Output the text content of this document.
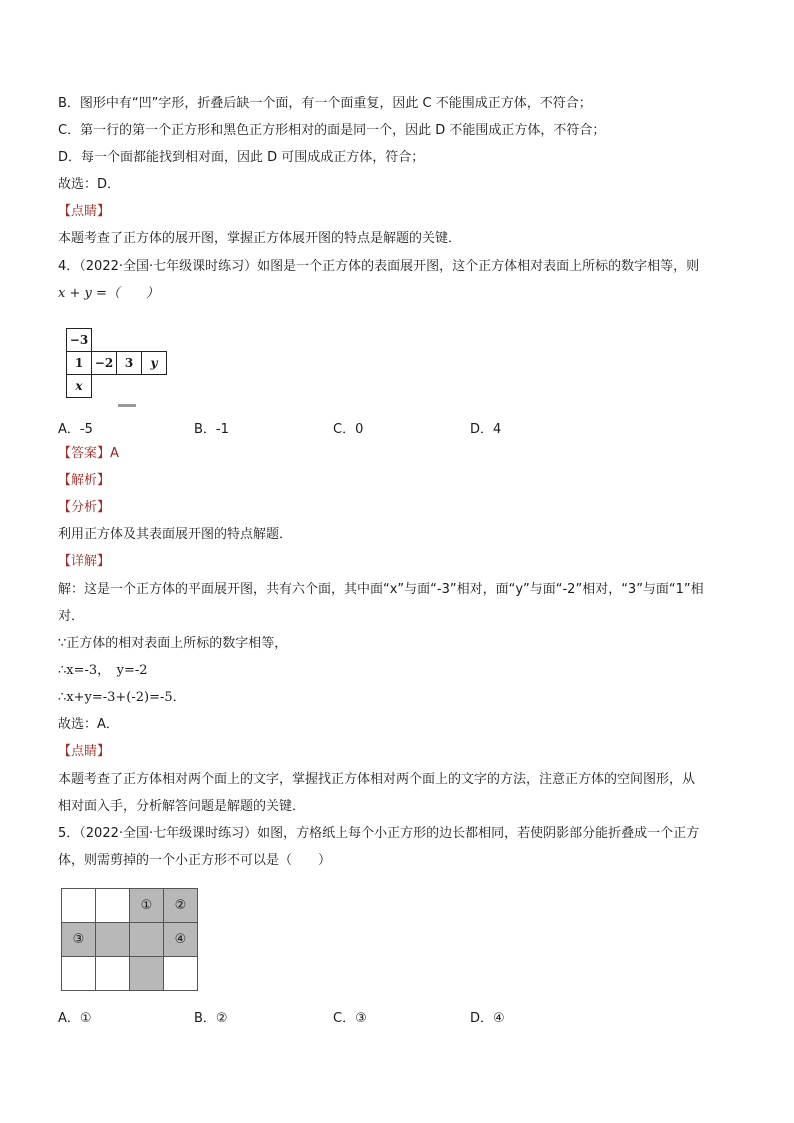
B．图形中有“凹”字形，折叠后缺一个面，有一个面重复，因此 C 不能围成正方体，不符合；
C．第一行的第一个正方形和黑色正方形相对的面是同一个，因此 D 不能围成正方体，不符合；
D．每一个面都能找到相对面，因此 D 可围成成正方体，符合；
故选：D．
【点睛】
本题考查了正方体的展开图，掌握正方体展开图的特点是解题的关键．
4．（2022·全国·七年级课时练习）如图是一个正方体的表面展开图，这个正方体相对表面上所标的数字相等，则
x + y =（　　）
−3			
1	−2	3	y
x			
A．-5	B．-1	C．0	D．4
【答案】A
【解析】
【分析】
利用正方体及其表面展开图的特点解题．
【详解】
解：这是一个正方体的平面展开图，共有六个面，其中面“x”与面“-3”相对，面“y”与面“-2”相对，“3”与面“1”相
对．
∵正方体的相对表面上所标的数字相等，
∴x=-3，　y=-2
∴x+y=-3+(-2)=-5．
故选：A．
【点睛】
本题考查了正方体相对两个面上的文字，掌握找正方体相对两个面上的文字的方法，注意正方体的空间图形，从
相对面入手，分析解答问题是解题的关键．
5．（2022·全国·七年级课时练习）如图，方格纸上每个小正方形的边长都相同，若使阴影部分能折叠成一个正方
体，则需剪掉的一个小正方形不可以是（　　）
		①	②
③			④

A．①	B．②	C．③	D．④
